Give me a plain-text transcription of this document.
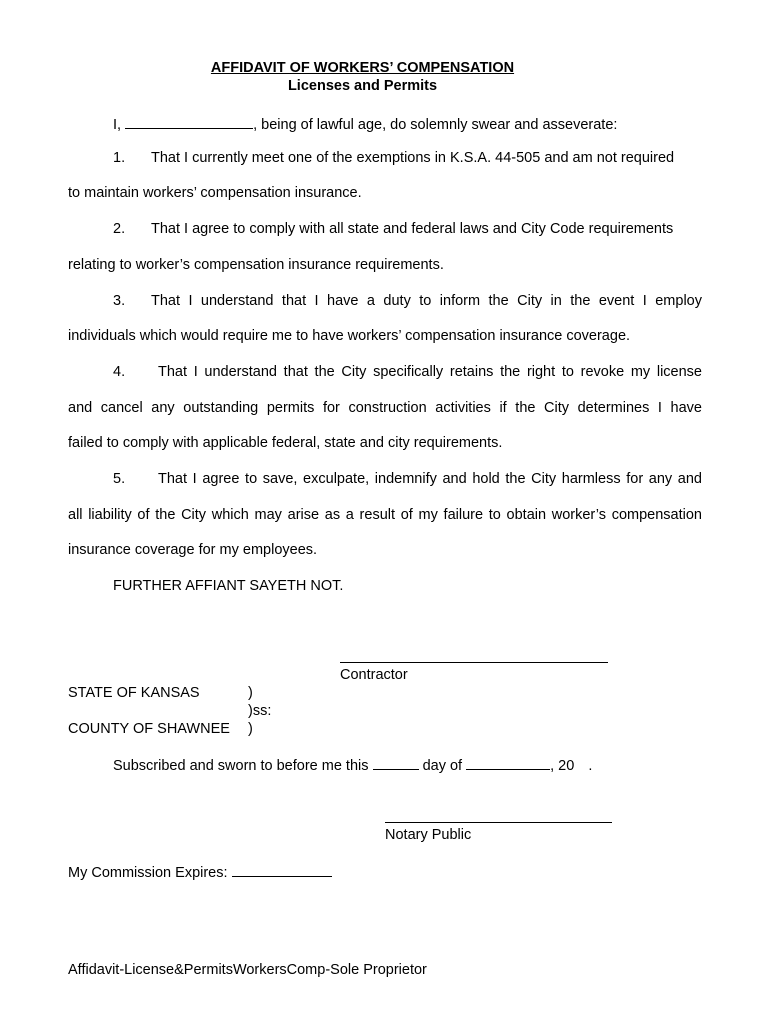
AFFIDAVIT OF WORKERS’ COMPENSATION
Licenses and Permits
I,	, being of lawful age, do solemnly swear and asseverate:
1. That I currently meet one of the exemptions in K.S.A. 44-505 and am not required
to maintain workers’ compensation insurance.
2. That I agree to comply with all state and federal laws and City Code requirements
relating to worker’s compensation insurance requirements.
3. That I understand that I have a duty to inform the City in the event I employ
individuals which would require me to have workers’ compensation insurance coverage.
4. That I understand that the City specifically retains the right to revoke my license
and cancel any outstanding permits for construction activities if the City determines I have
failed to comply with applicable federal, state and city requirements.
5. That I agree to save, exculpate, indemnify and hold the City harmless for any and
all liability of the City which may arise as a result of my failure to obtain worker’s compensation
insurance coverage for my employees.
FURTHER AFFIANT SAYETH NOT.
Contractor
STATE OF KANSAS	)
)ss:
COUNTY OF SHAWNEE )
Subscribed and sworn to before me this	day of	, 20 .
Notary Public
My Commission Expires:
Affidavit-License&PermitsWorkersComp-Sole Proprietor
